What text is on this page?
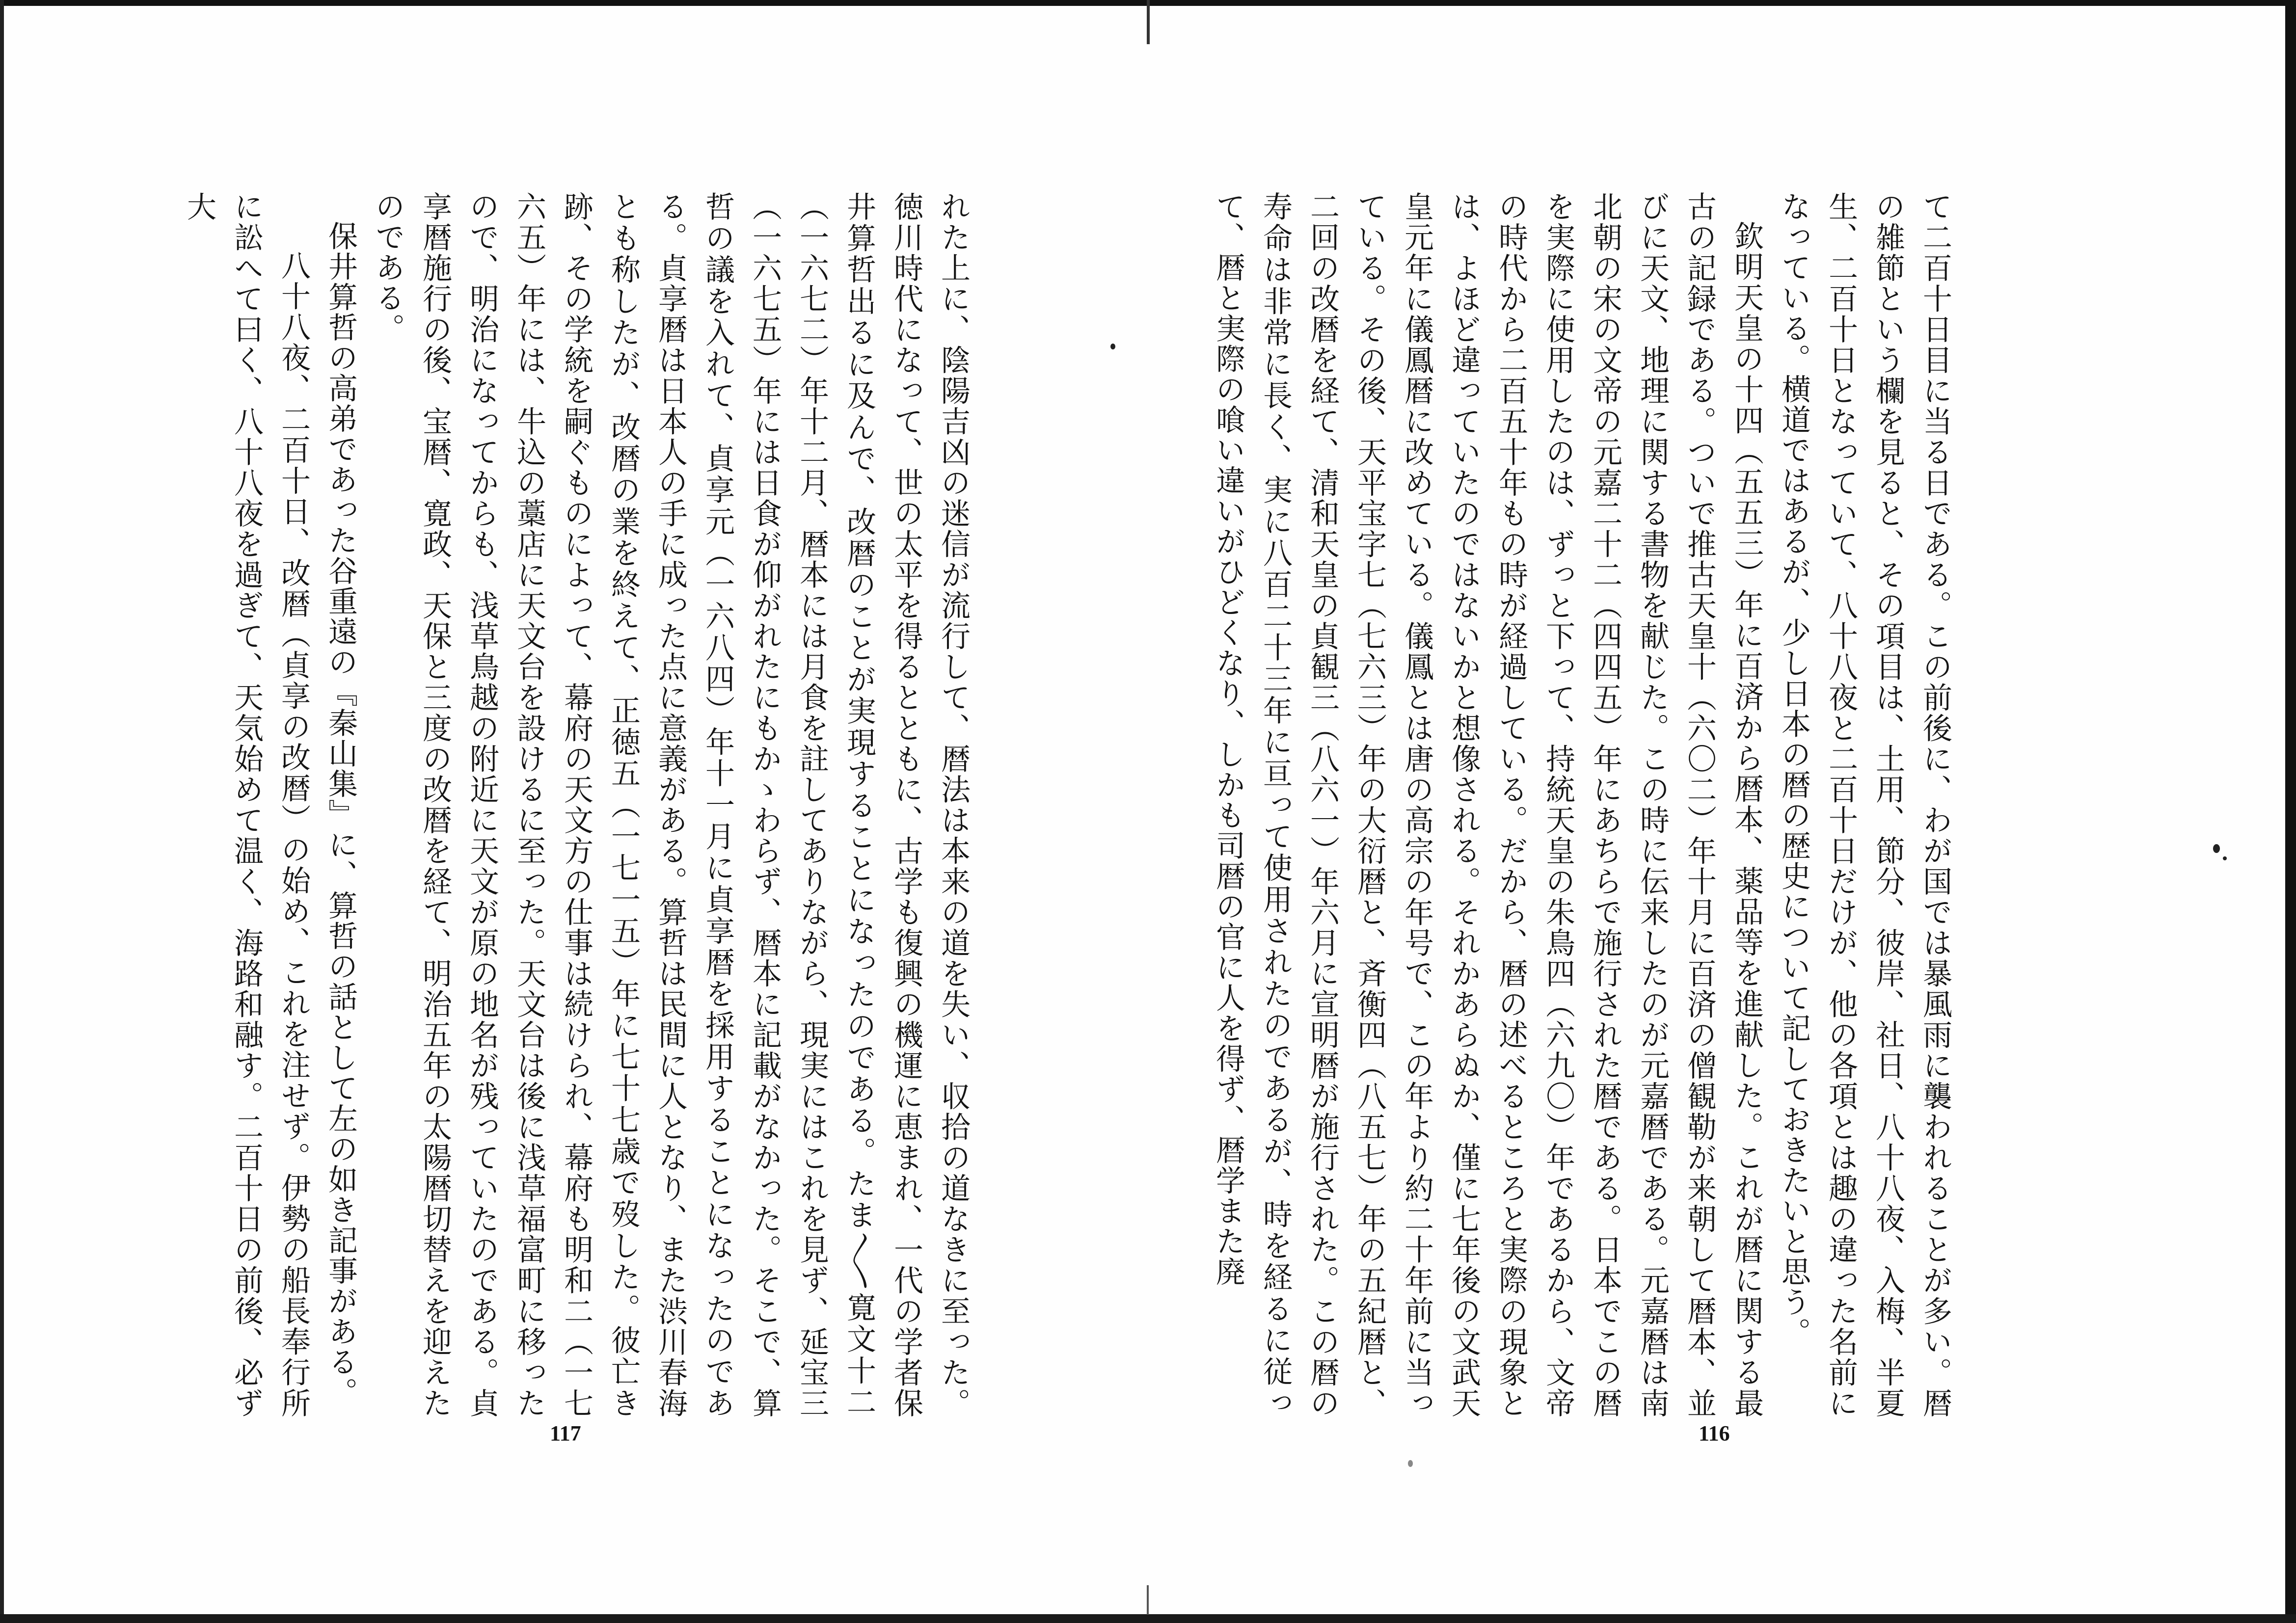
て二百十日目に当る日である。この前後に、わが国では暴風雨に襲われることが多い。暦の雑節という欄を見ると、その項目は、土用、節分、彼岸、社日、八十八夜、入梅、半夏生、二百十日となっていて、八十八夜と二百十日だけが、他の各項とは趣の違った名前になっている。横道ではあるが、少し日本の暦の歴史について記しておきたいと思う。

欽明天皇の十四（五五三）年に百済から暦本、薬品等を進献した。これが暦に関する最古の記録である。ついで推古天皇十（六〇二）年十月に百済の僧観勒が来朝して暦本、並びに天文、地理に関する書物を献じた。この時に伝来したのが元嘉暦である。元嘉暦は南北朝の宋の文帝の元嘉二十二（四四五）年にあちらで施行された暦である。日本でこの暦を実際に使用したのは、ずっと下って、持統天皇の朱鳥四（六九〇）年であるから、文帝の時代から二百五十年もの時が経過している。だから、暦の述べるところと実際の現象とは、よほど違っていたのではないかと想像される。それかあらぬか、僅に七年後の文武天皇元年に儀鳳暦に改めている。儀鳳とは唐の高宗の年号で、この年より約二十年前に当っている。その後、天平宝字七（七六三）年の大衍暦と、斉衡四（八五七）年の五紀暦と、二回の改暦を経て、清和天皇の貞観三（八六一）年六月に宣明暦が施行された。この暦の寿命は非常に長く、実に八百二十三年に亘って使用されたのであるが、時を経るに従って、暦と実際の喰い違いがひどくなり、しかも司暦の官に人を得ず、暦学また廃

116

れた上に、陰陽吉凶の迷信が流行して、暦法は本来の道を失い、収拾の道なきに至った。徳川時代になって、世の太平を得るとともに、古学も復興の機運に恵まれ、一代の学者保井算哲出るに及んで、改暦のことが実現することになったのである。たま〳〵寛文十二（一六七二）年十二月、暦本には月食を註してありながら、現実にはこれを見ず、延宝三（一六七五）年には日食が仰がれたにもかゝわらず、暦本に記載がなかった。そこで、算哲の議を入れて、貞享元（一六八四）年十一月に貞享暦を採用することになったのである。貞享暦は日本人の手に成った点に意義がある。算哲は民間に人となり、また渋川春海とも称したが、改暦の業を終えて、正徳五（一七一五）年に七十七歳で歿した。彼亡き跡、その学統を嗣ぐものによって、幕府の天文方の仕事は続けられ、幕府も明和二（一七六五）年には、牛込の藁店に天文台を設けるに至った。天文台は後に浅草福富町に移ったので、明治になってからも、浅草鳥越の附近に天文が原の地名が残っていたのである。貞享暦施行の後、宝暦、寛政、天保と三度の改暦を経て、明治五年の太陽暦切替えを迎えたのである。

保井算哲の高弟であった谷重遠の『秦山集』に、算哲の話として左の如き記事がある。

八十八夜、二百十日、改暦（貞享の改暦）の始め、これを注せず。伊勢の船長奉行所に訟へて曰く、八十八夜を過ぎて、天気始めて温く、海路和融す。二百十日の前後、必ず大

117
